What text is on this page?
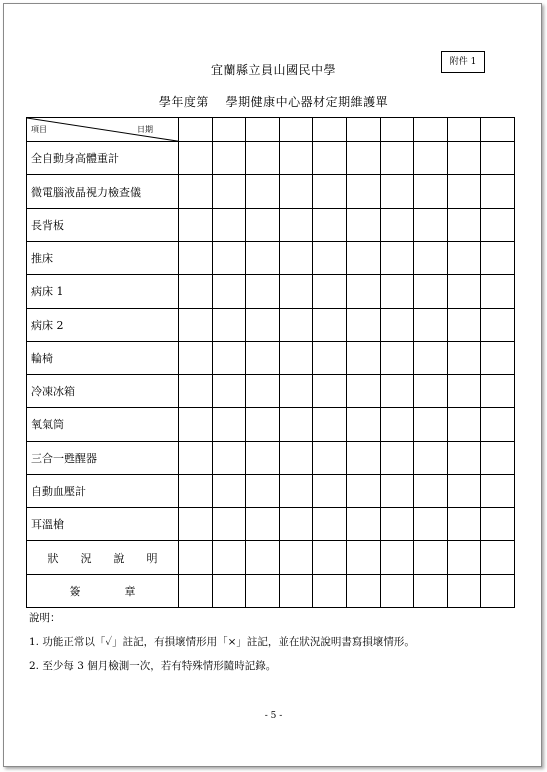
宜蘭縣立員山國民中學
附件 1
學年度第　 學期健康中心器材定期維護單
項目 日期										

全自動身高體重計										
微電腦液晶視力檢查儀										
長背板										
推床										
病床 1										
病床 2										
輪椅										
冷凍冰箱										
氧氣筒										
三合一甦醒器										
自動血壓計										
耳溫槍										
狀　　況　　說　　明										
簽　　　　章										

說明：

1. 功能正常以「✓」註記，有損壞情形用「×」註記，並在狀況說明書寫損壞情形。

2. 至少每 3 個月檢測一次，若有特殊情形隨時記錄。

- 5 -
